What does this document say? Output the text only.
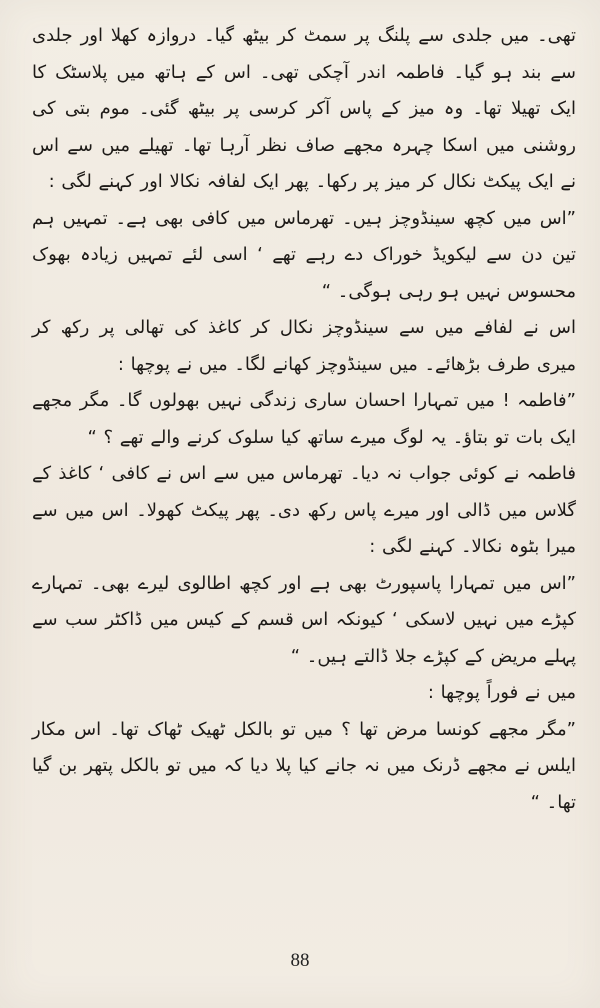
تھی۔ میں جلدی سے پلنگ پر سمٹ کر بیٹھ گیا۔ دروازہ کھلا اور جلدی سے بند ہو گیا۔ فاطمہ اندر آچکی تھی۔ اس کے ہاتھ میں پلاسٹک کا ایک تھیلا تھا۔ وہ میز کے پاس آکر کرسی پر بیٹھ گئی۔ موم بتی کی روشنی میں اسکا چہرہ مجھے صاف نظر آرہا تھا۔ تھیلے میں سے اس نے ایک پیکٹ نکال کر میز پر رکھا۔ پھر ایک لفافہ نکالا اور کہنے لگی :

”اس میں کچھ سینڈوچز ہیں۔ تھرماس میں کافی بھی ہے۔ تمہیں ہم تین دن سے لیکویڈ خوراک دے رہے تھے ‘ اسی لئے تمہیں زیادہ بھوک محسوس نہیں ہو رہی ہوگی۔ “

اس نے لفافے میں سے سینڈوچز نکال کر کاغذ کی تھالی پر رکھ کر میری طرف بڑھائے۔ میں سینڈوچز کھانے لگا۔ میں نے پوچھا :

”فاطمہ ! میں تمہارا احسان ساری زندگی نہیں بھولوں گا۔ مگر مجھے ایک بات تو بتاؤ۔ یہ لوگ میرے ساتھ کیا سلوک کرنے والے تھے ؟ “

فاطمہ نے کوئی جواب نہ دیا۔ تھرماس میں سے اس نے کافی ‘ کاغذ کے گلاس میں ڈالی اور میرے پاس رکھ دی۔ پھر پیکٹ کھولا۔ اس میں سے میرا بٹوہ نکالا۔ کہنے لگی :

”اس میں تمہارا پاسپورٹ بھی ہے اور کچھ اطالوی لیرے بھی۔ تمہارے کپڑے میں نہیں لاسکی ‘ کیونکہ اس قسم کے کیس میں ڈاکٹر سب سے پہلے مریض کے کپڑے جلا ڈالتے ہیں۔ “

میں نے فوراً پوچھا :

”مگر مجھے کونسا مرض تھا ؟ میں تو بالکل ٹھیک ٹھاک تھا۔ اس مکار ایلس نے مجھے ڈرنک میں نہ جانے کیا پلا دیا کہ میں تو بالکل پتھر بن گیا تھا۔ “

88
